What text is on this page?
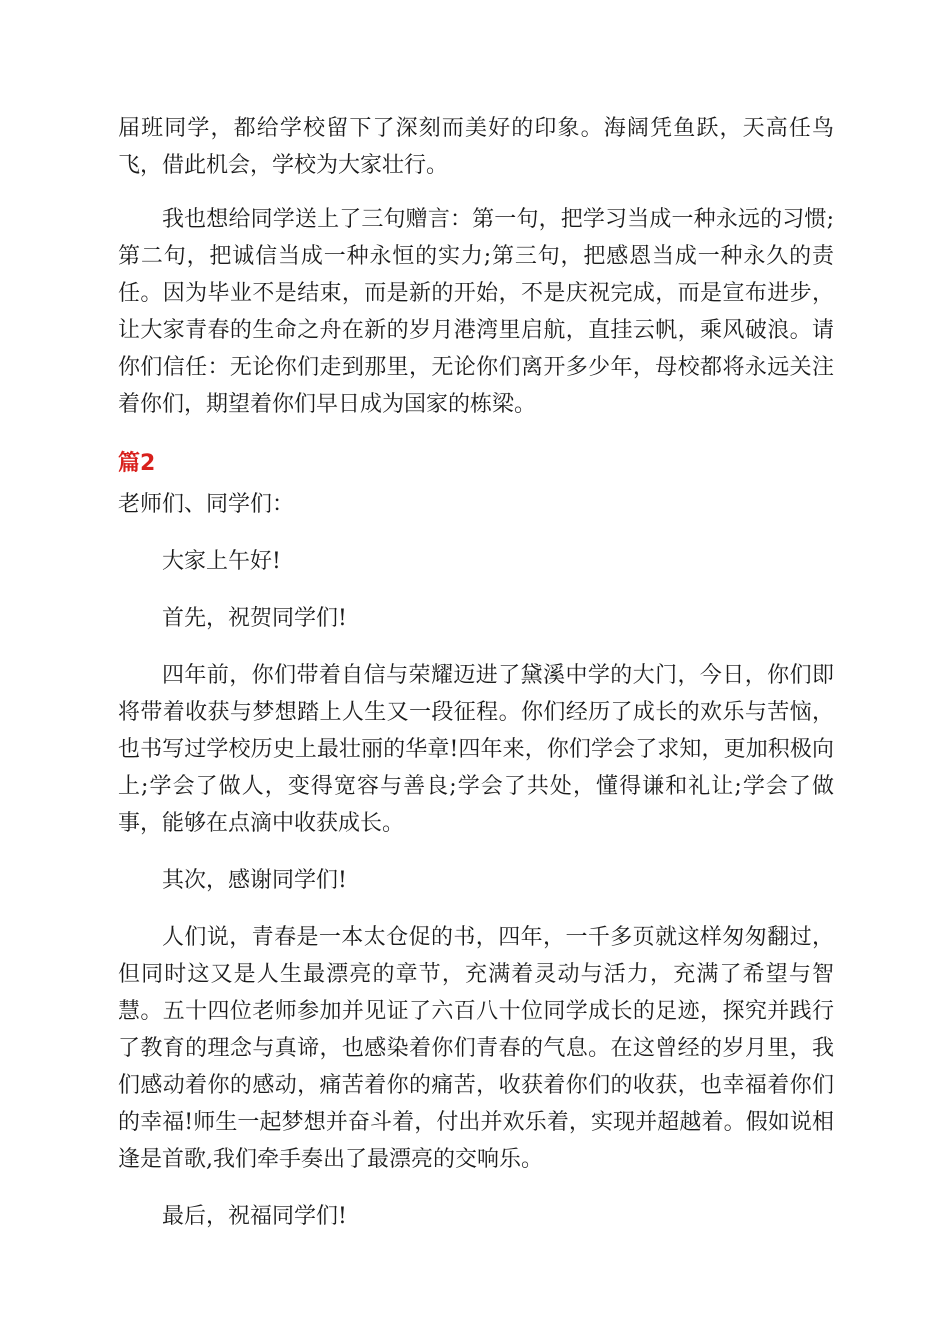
届班同学，都给学校留下了深刻而美好的印象。海阔凭鱼跃，天高任鸟飞，借此机会，学校为大家壮行。

我也想给同学送上了三句赠言：第一句，把学习当成一种永远的习惯;第二句，把诚信当成一种永恒的实力;第三句，把感恩当成一种永久的责任。因为毕业不是结束，而是新的开始，不是庆祝完成，而是宣布进步，让大家青春的生命之舟在新的岁月港湾里启航，直挂云帆，乘风破浪。请你们信任：无论你们走到那里，无论你们离开多少年，母校都将永远关注着你们，期望着你们早日成为国家的栋梁。

篇2

老师们、同学们：

大家上午好!

首先，祝贺同学们!

四年前，你们带着自信与荣耀迈进了黛溪中学的大门，今日，你们即将带着收获与梦想踏上人生又一段征程。你们经历了成长的欢乐与苦恼，也书写过学校历史上最壮丽的华章!四年来，你们学会了求知，更加积极向上;学会了做人，变得宽容与善良;学会了共处，懂得谦和礼让;学会了做事，能够在点滴中收获成长。

其次，感谢同学们!

人们说，青春是一本太仓促的书，四年，一千多页就这样匆匆翻过，但同时这又是人生最漂亮的章节，充满着灵动与活力，充满了希望与智慧。五十四位老师参加并见证了六百八十位同学成长的足迹，探究并践行了教育的理念与真谛，也感染着你们青春的气息。在这曾经的岁月里，我们感动着你的感动，痛苦着你的痛苦，收获着你们的收获，也幸福着你们的幸福!师生一起梦想并奋斗着，付出并欢乐着，实现并超越着。假如说相逢是首歌,我们牵手奏出了最漂亮的交响乐。

最后，祝福同学们!
